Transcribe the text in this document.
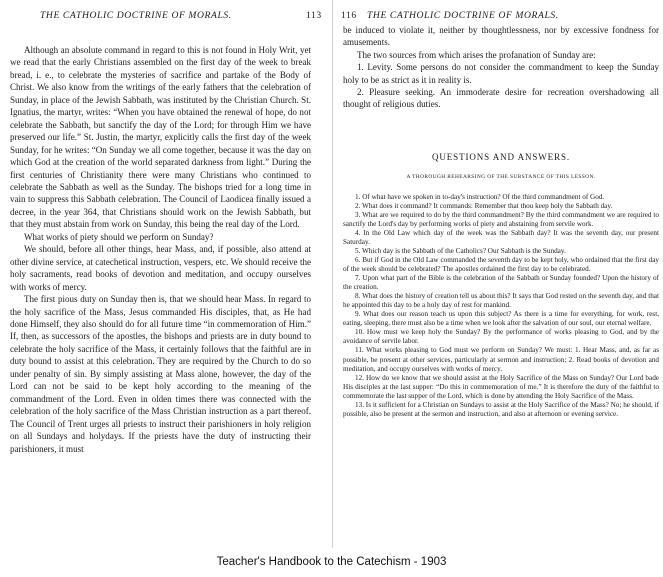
THE CATHOLIC DOCTRINE OF MORALS.	113

Although an absolute command in regard to this is not found in Holy Writ, yet we read that the early Christians assembled on the first day of the week to break bread, i. e., to celebrate the mysteries of sacrifice and partake of the Body of Christ. We also know from the writings of the early fathers that the celebration of Sunday, in place of the Jewish Sabbath, was instituted by the Christian Church. St. Ignatius, the martyr, writes: “When you have obtained the renewal of hope, do not celebrate the Sabbath, but sanctify the day of the Lord; for through Him we have preserved our life.” St. Justin, the martyr, explicitly calls the first day of the week Sunday, for he writes: “On Sunday we all come together, because it was the day on which God at the creation of the world separated darkness from light.” During the first centuries of Christianity there were many Christians who continued to celebrate the Sabbath as well as the Sunday. The bishops tried for a long time in vain to suppress this Sabbath celebration. The Council of Laodicea finally issued a decree, in the year 364, that Christians should work on the Jewish Sabbath, but that they must abstain from work on Sunday, this being the real day of the Lord.

What works of piety should we perform on Sunday?

We should, before all other things, hear Mass, and, if possible, also attend at other divine service, at catechetical instruction, vespers, etc. We should receive the holy sacraments, read books of devotion and meditation, and occupy ourselves with works of mercy.

The first pious duty on Sunday then is, that we should hear Mass. In regard to the holy sacrifice of the Mass, Jesus commanded His disciples, that, as He had done Himself, they also should do for all future time “in commemoration of Him.” If, then, as successors of the apostles, the bishops and priests are in duty bound to celebrate the holy sacrifice of the Mass, it certainly follows that the faithful are in duty bound to assist at this celebration. They are required by the Church to do so under penalty of sin. By simply assisting at Mass alone, however, the day of the Lord can not be said to be kept holy according to the meaning of the commandment of the Lord. Even in olden times there was connected with the celebration of the holy sacrifice of the Mass Christian instruction as a part thereof. The Council of Trent urges all priests to instruct their parishioners in holy religion on all Sundays and holydays. If the priests have the duty of instructing their parishioners, it must

116 THE CATHOLIC DOCTRINE OF MORALS.

be induced to violate it, neither by thoughtlessness, nor by excessive fondness for amusements.

The two sources from which arises the profanation of Sunday are:

1. Levity. Some persons do not consider the commandment to keep the Sunday holy to be as strict as it in reality is.

2. Pleasure seeking. An immoderate desire for recreation overshadowing all thought of religious duties.

QUESTIONS AND ANSWERS.
A THOROUGH REHEARSING OF THE SUBSTANCE OF THIS LESSON.

1. Of what have we spoken in to-day's instruction? Of the third commandment of God.

2. What does it command? It commands: Remember that thou keep holy the Sabbath day.

3. What are we required to do by the third commandment? By the third commandment we are required to sanctify the Lord's day by performing works of piety and abstaining from servile work.

4. In the Old Law which day of the week was the Sabbath day? It was the seventh day, our present Saturday.

5. Which day is the Sabbath of the Catholics? Our Sabbath is the Sunday.

6. But if God in the Old Law commanded the seventh day to be kept holy, who ordained that the first day of the week should be celebrated? The apostles ordained the first day to be celebrated.

7. Upon what part of the Bible is the celebration of the Sabbath or Sunday founded? Upon the history of the creation.

8. What does the history of creation tell us about this? It says that God rested on the seventh day, and that he appointed this day to be a holy day of rest for mankind.

9. What does our reason teach us upon this subject? As there is a time for everything, for work, rest, eating, sleeping, there must also be a time when we look after the salvation of our soul, our eternal welfare.

10. How must we keep holy the Sunday? By the performance of works pleasing to God, and by the avoidance of servile labor.

11. What works pleasing to God must we perform on Sunday? We must: 1. Hear Mass, and, as far as possible, be present at other services, particularly at sermon and instruction; 2. Read books of devotion and meditation, and occupy ourselves with works of mercy.

12. How do we know that we should assist at the Holy Sacrifice of the Mass on Sunday? Our Lord bade His disciples at the last supper: “Do this in commemoration of me.” It is therefore the duty of the faithful to commemorate the last supper of the Lord, which is done by attending the Holy Sacrifice of the Mass.

13. Is it sufficient for a Christian on Sundays to assist at the Holy Sacrifice of the Mass? No; he should, if possible, also be present at the sermon and instruction, and also at afternoon or evening service.

Teacher's Handbook to the Catechism - 1903
